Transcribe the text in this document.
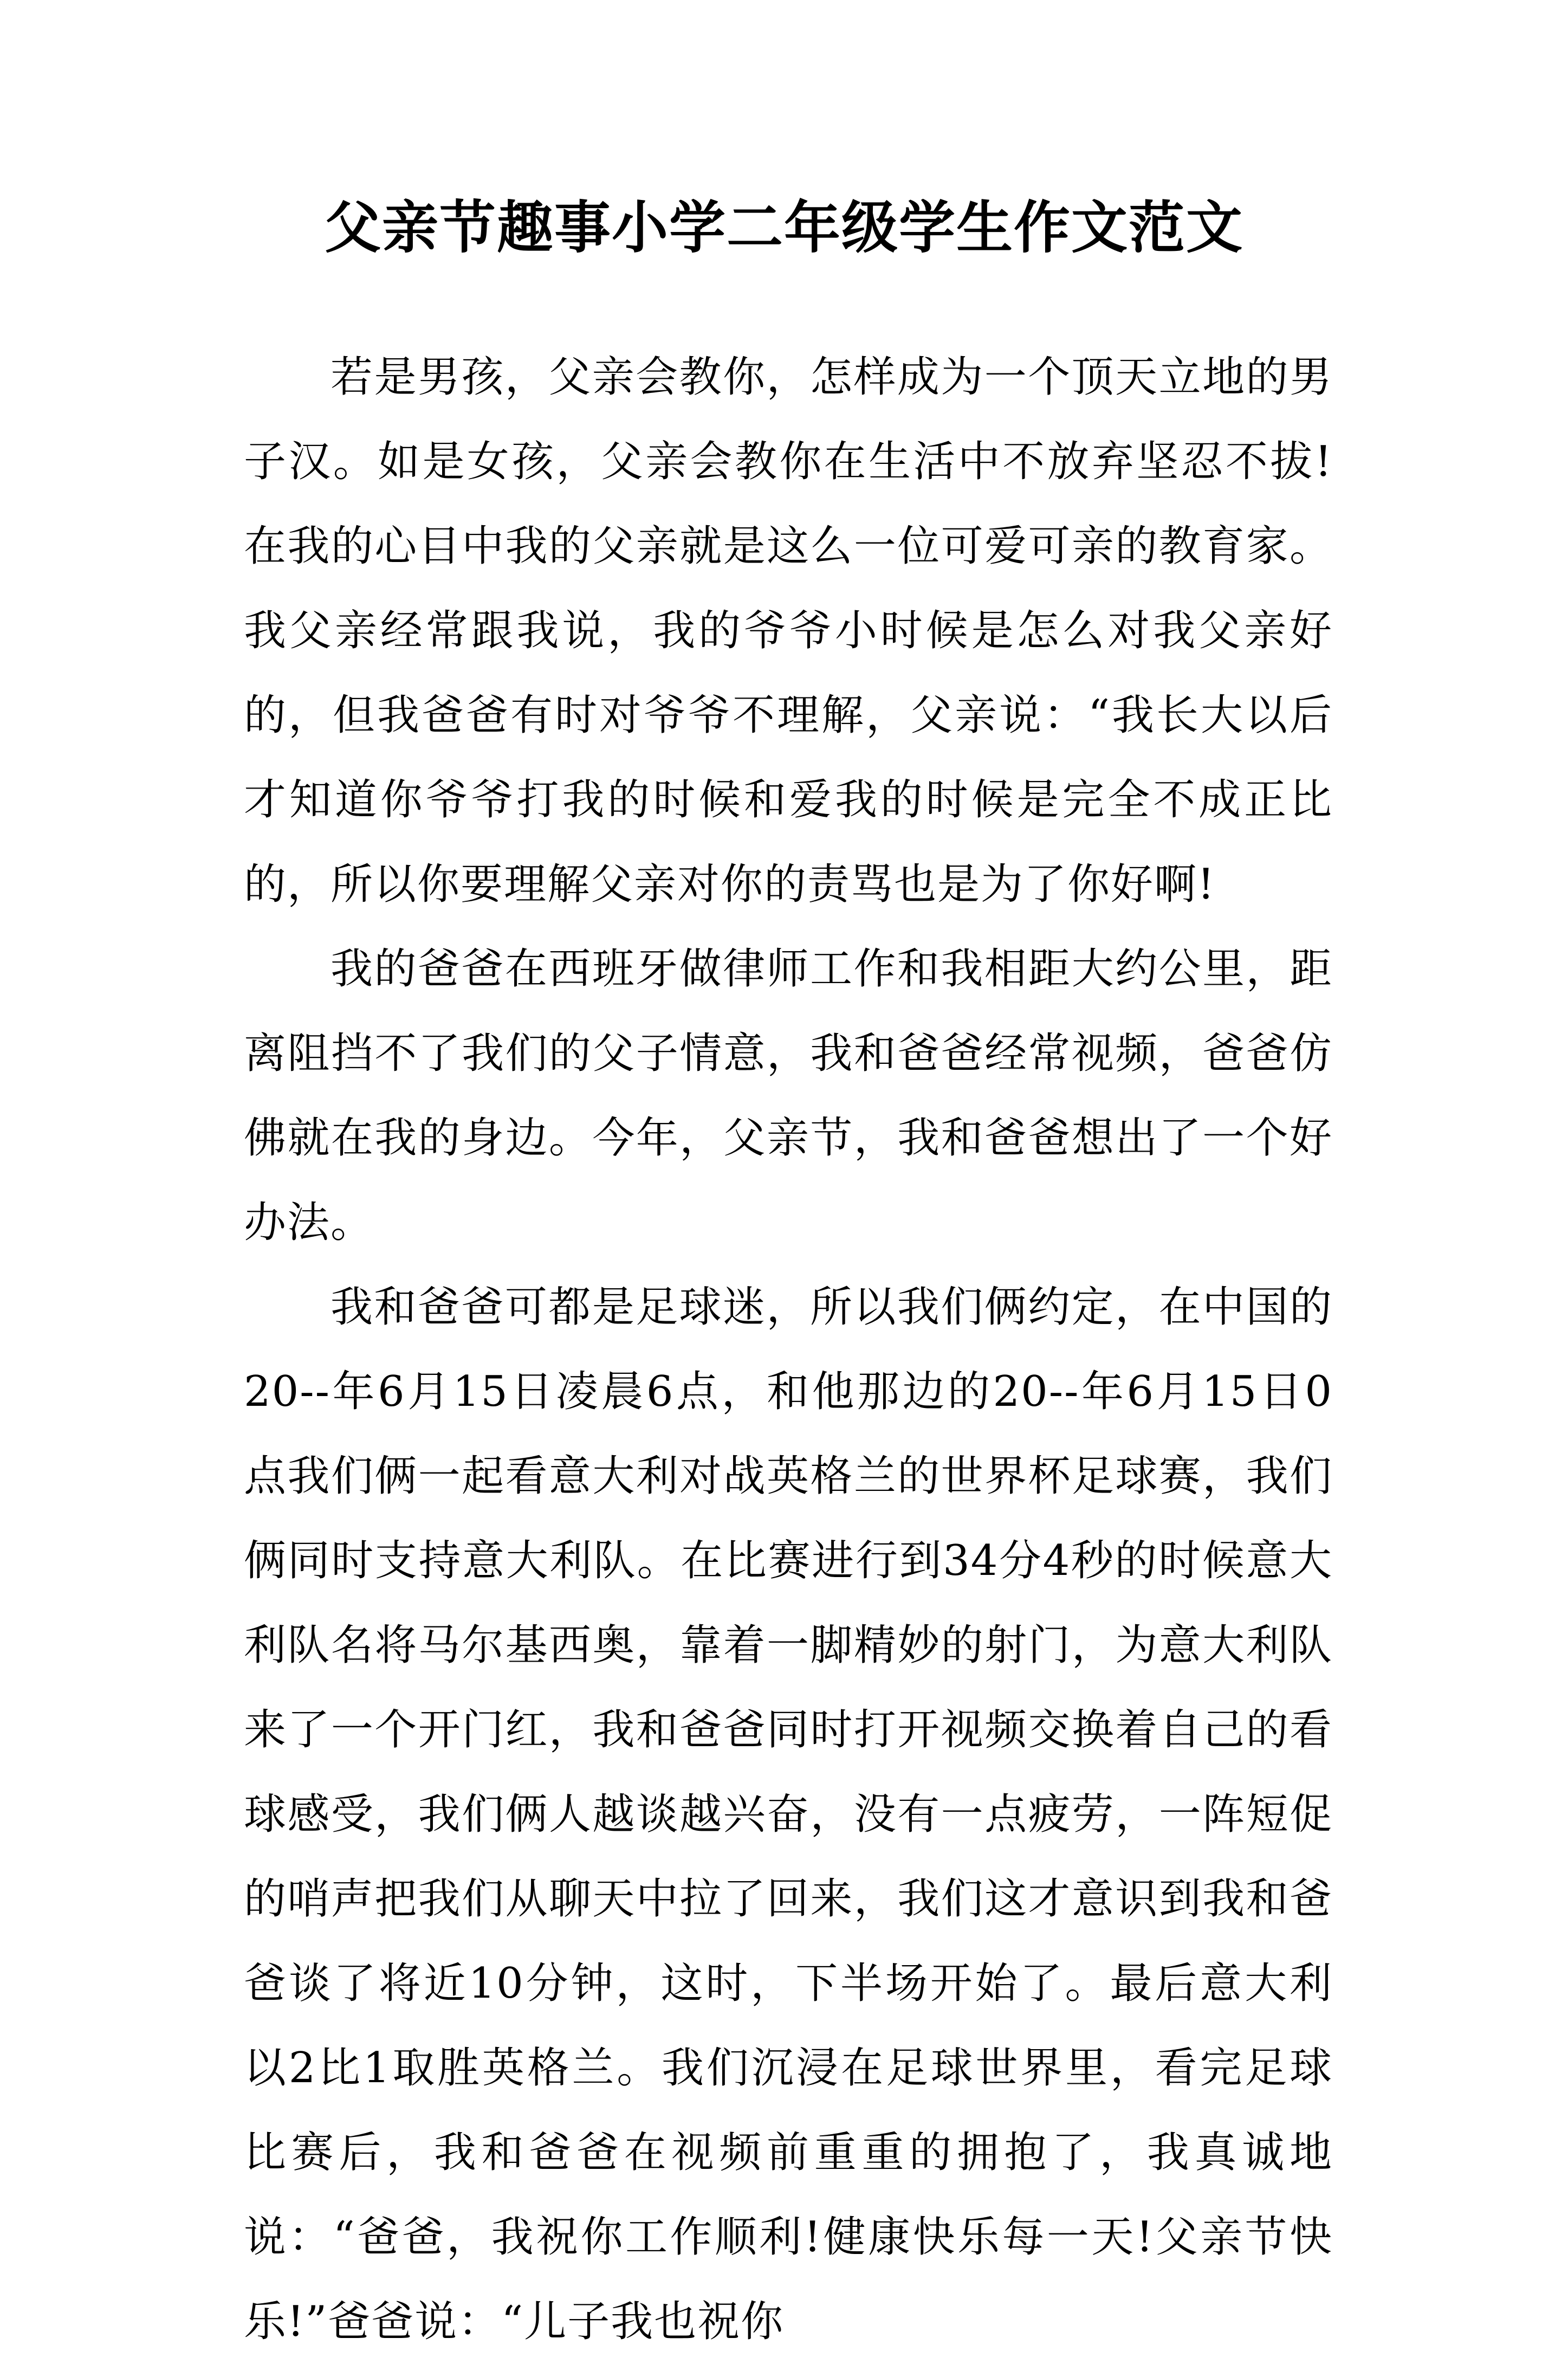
父亲节趣事小学二年级学生作文范文

若是男孩，父亲会教你，怎样成为一个顶天立地的男子汉。如是女孩，父亲会教你在生活中不放弃坚忍不拔!在我的心目中我的父亲就是这么一位可爱可亲的教育家。我父亲经常跟我说，我的爷爷小时候是怎么对我父亲好的，但我爸爸有时对爷爷不理解，父亲说：“我长大以后才知道你爷爷打我的时候和爱我的时候是完全不成正比的，所以你要理解父亲对你的责骂也是为了你好啊!

我的爸爸在西班牙做律师工作和我相距大约公里，距离阻挡不了我们的父子情意，我和爸爸经常视频，爸爸仿佛就在我的身边。今年，父亲节，我和爸爸想出了一个好办法。

我和爸爸可都是足球迷，所以我们俩约定，在中国的20--年6月15日凌晨6点，和他那边的20--年6月15日0点我们俩一起看意大利对战英格兰的世界杯足球赛，我们俩同时支持意大利队。在比赛进行到34分4秒的时候意大利队名将马尔基西奥，靠着一脚精妙的射门，为意大利队来了一个开门红，我和爸爸同时打开视频交换着自己的看球感受，我们俩人越谈越兴奋，没有一点疲劳，一阵短促的哨声把我们从聊天中拉了回来，我们这才意识到我和爸爸谈了将近10分钟，这时，下半场开始了。最后意大利以2比1取胜英格兰。我们沉浸在足球世界里，看完足球比赛后，我和爸爸在视频前重重的拥抱了，我真诚地说：“爸爸，我祝你工作顺利!健康快乐每一天!父亲节快乐!”爸爸说：“儿子我也祝你
